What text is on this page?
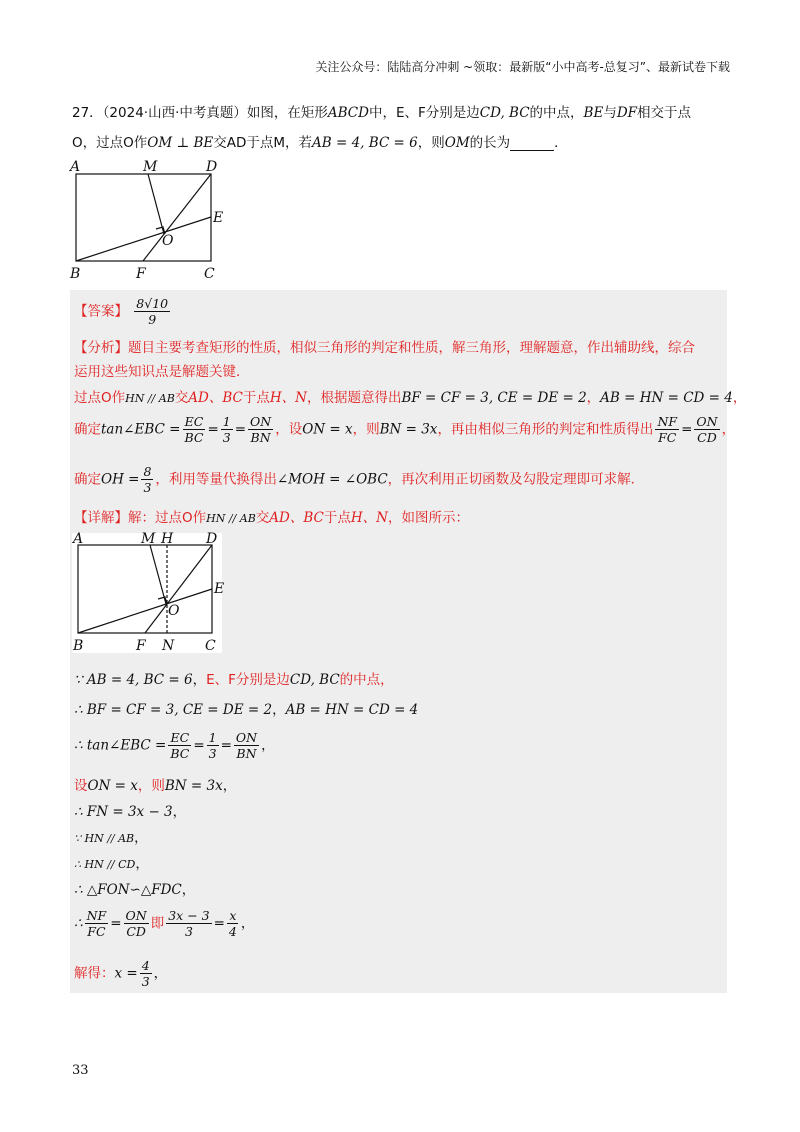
关注公众号：陆陆高分冲刺 ~领取：最新版“小中高考-总复习”、最新试卷下载
27．（2024·山西·中考真题）如图，在矩形ABCD中，E、F分别是边CD, BC的中点，BE与DF相交于点
O，过点O作OM ⊥ BE交AD于点M，若AB = 4, BC = 6，则OM的长为	．
A	M	D
E
O
B	F	C
【答案】 $\frac{8√10}{9}$
【分析】题目主要考查矩形的性质，相似三角形的判定和性质，解三角形，理解题意，作出辅助线，综合
运用这些知识点是解题关键．
过点O作HN // AB交AD、BC于点H、N，根据题意得出BF = CF = 3, CE = DE = 2，AB = HN = CD = 4，
确定tan∠EBC = $\frac{EC}{BC} = \frac{1}{3} = \frac{ON}{BN}$ ，设ON = x，则BN = 3x，再由相似三角形的判定和性质得出 $\frac{NF}{FC} = \frac{ON}{CD}$ ，
确定OH = $\frac{8}{3}$ ，利用等量代换得出∠MOH = ∠OBC，再次利用正切函数及勾股定理即可求解．
【详解】解：过点O作HN // AB交AD、BC于点H、N，如图所示：
A	M H D
E
O
B	F N C
∵ AB = 4, BC = 6，E、F分别是边CD, BC的中点，
∴ BF = CF = 3, CE = DE = 2，AB = HN = CD = 4
∴ tan∠EBC = $\frac{EC}{BC} = \frac{1}{3} = \frac{ON}{BN}$ ，
设ON = x，则BN = 3x，
∴ FN = 3x − 3，
∵ HN // AB，
∴ HN // CD，
∴ △FON∽△FDC，
∴ $\frac{NF}{FC} = \frac{ON}{CD}$ 即 $\frac{3x - 3}{3} = \frac{x}{4}$ ，
解得：$x = \frac{4}{3}$ ，
33
